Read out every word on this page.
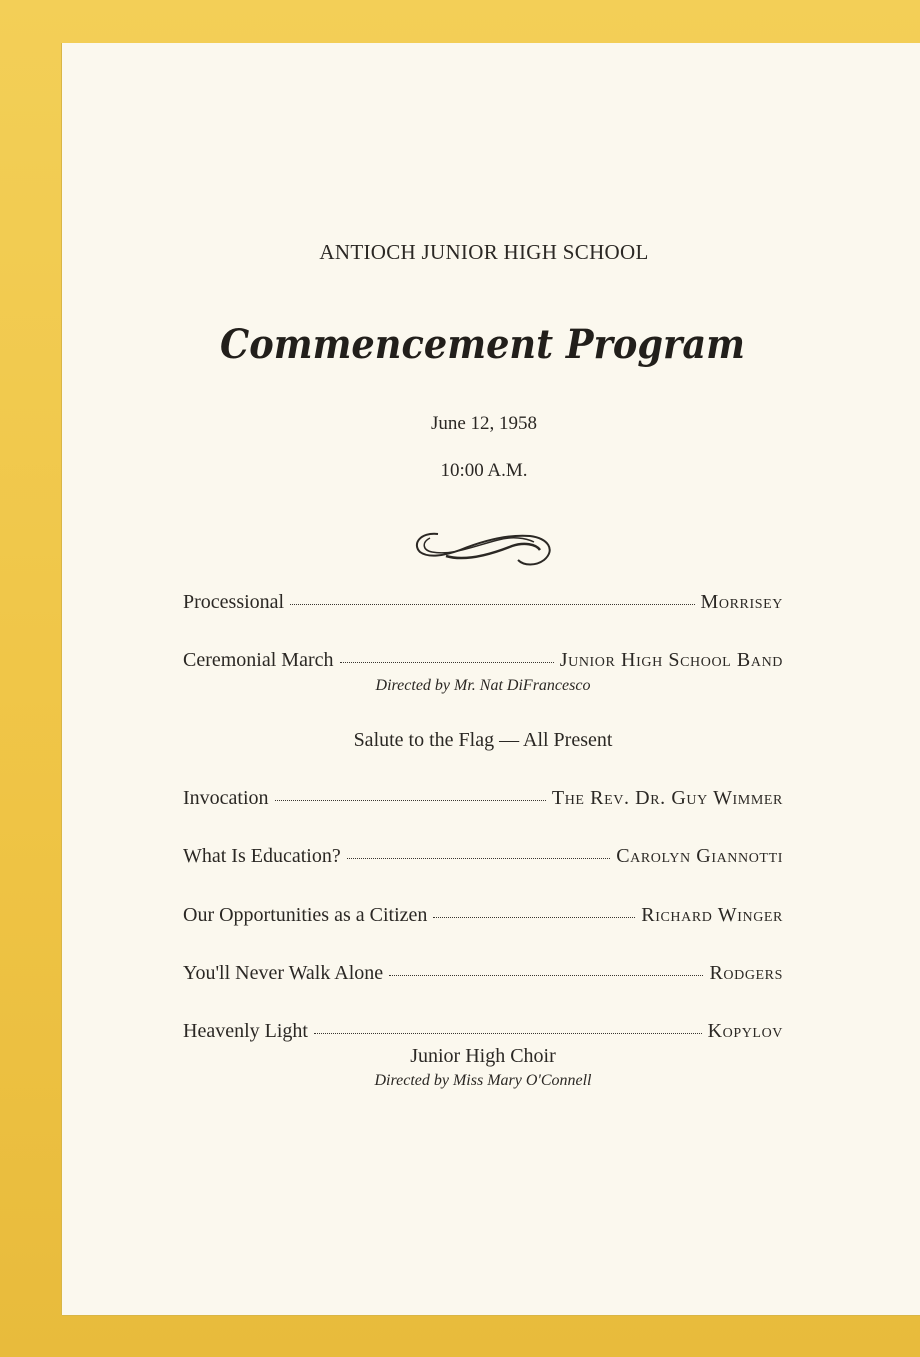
ANTIOCH JUNIOR HIGH SCHOOL
Commencement Program
June 12, 1958
10:00 A.M.
Processional	Morrisey
Ceremonial March	Junior High School Band
Directed by Mr. Nat DiFrancesco
Salute to the Flag — All Present
Invocation	The Rev. Dr. Guy Wimmer
What Is Education?	Carolyn Giannotti
Our Opportunities as a Citizen	Richard Winger
You'll Never Walk Alone	Rodgers
Heavenly Light	Kopylov
Junior High Choir
Directed by Miss Mary O'Connell
